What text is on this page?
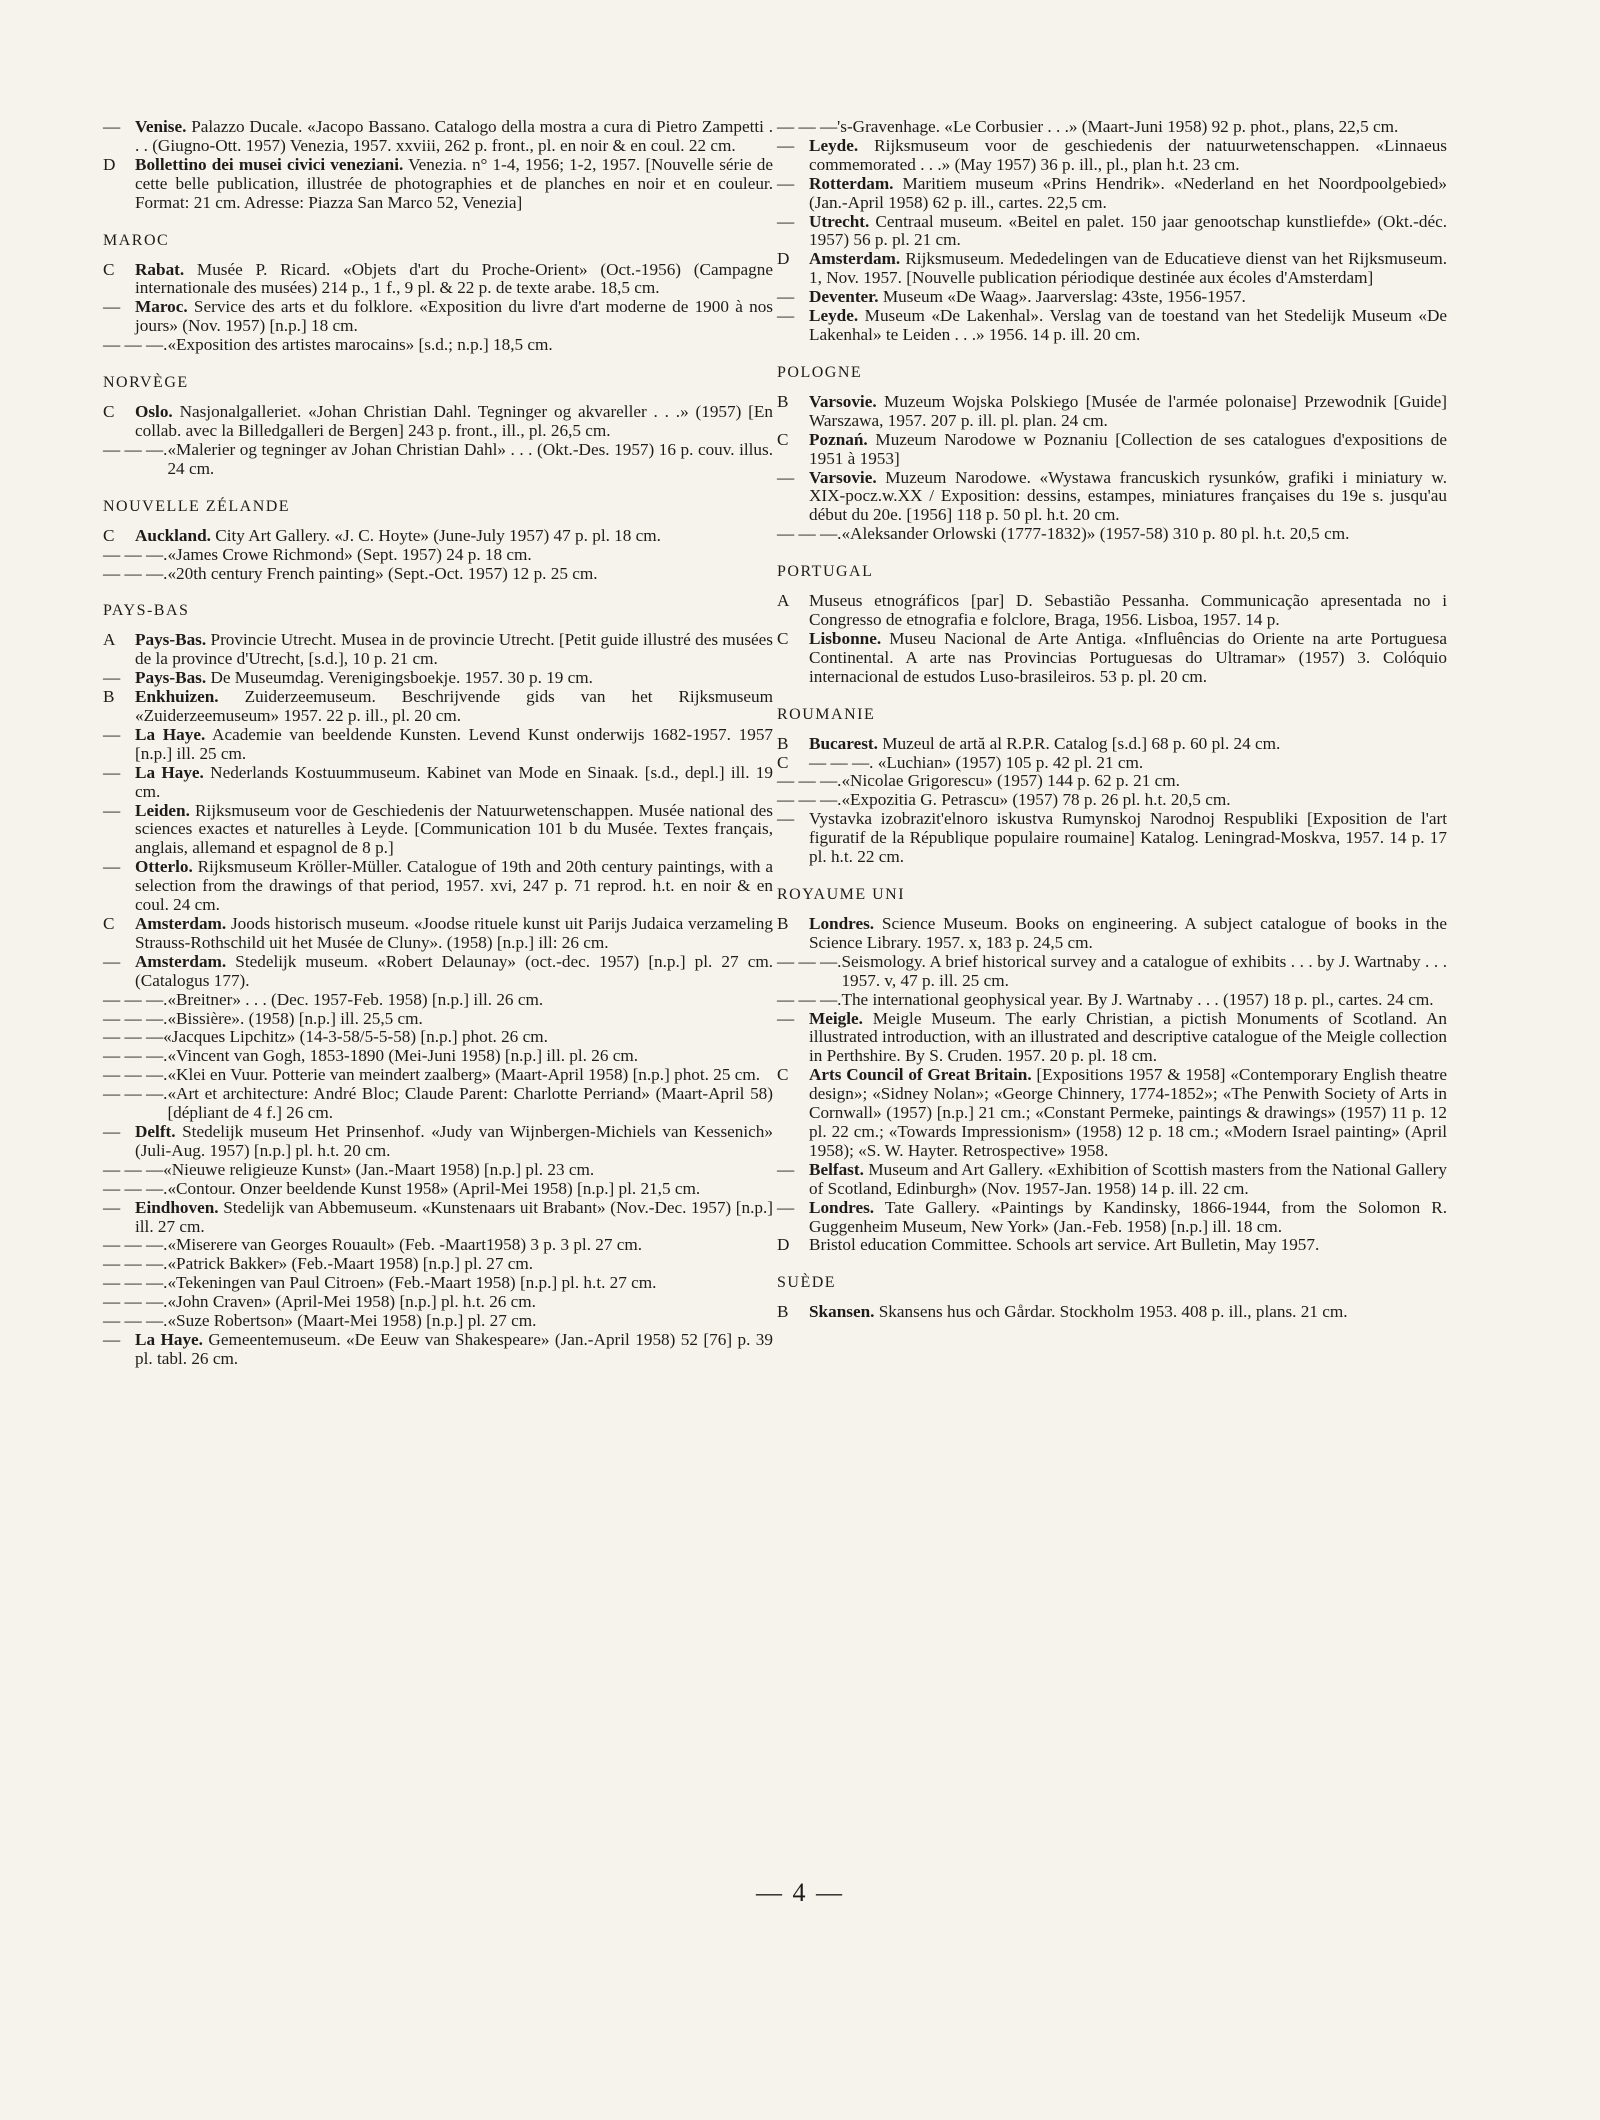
— Venise. Palazzo Ducale. «Jacopo Bassano. Catalogo della mostra a cura di Pietro Zampetti . . . (Giugno-Ott. 1957) Venezia, 1957. xxviii, 262 p. front., pl. en noir & en coul. 22 cm.
D	Bollettino dei musei civici veneziani. Venezia. n° 1-4, 1956; 1-2, 1957. [Nouvelle série de cette belle publication, illustrée de photographies et de planches en noir et en couleur. Format: 21 cm. Adresse: Piazza San Marco 52, Venezia]
MAROC
C	Rabat. Musée P. Ricard. «Objets d'art du Proche-Orient» (Oct.-1956) (Campagne internationale des musées) 214 p., 1 f., 9 pl. & 22 p. de texte arabe. 18,5 cm.
— Maroc. Service des arts et du folklore. «Exposition du livre d'art moderne de 1900 à nos jours» (Nov. 1957) [n.p.] 18 cm.
— — —. «Exposition des artistes marocains» [s.d.; n.p.] 18,5 cm.
NORVÈGE
C	Oslo. Nasjonalgalleriet. «Johan Christian Dahl. Tegninger og akvareller . . .» (1957) [En collab. avec la Billedgalleri de Bergen] 243 p. front., ill., pl. 26,5 cm.
— — —. «Malerier og tegninger av Johan Christian Dahl» . . . (Okt.-Des. 1957) 16 p. couv. illus. 24 cm.
NOUVELLE ZÉLANDE
C	Auckland. City Art Gallery. «J. C. Hoyte» (June-July 1957) 47 p. pl. 18 cm.
— — —. «James Crowe Richmond» (Sept. 1957) 24 p. 18 cm.
— — —. «20th century French painting» (Sept.-Oct. 1957) 12 p. 25 cm.
PAYS-BAS
A	Pays-Bas. Provincie Utrecht. Musea in de provincie Utrecht. [Petit guide illustré des musées de la province d'Utrecht, [s.d.], 10 p. 21 cm.
— Pays-Bas. De Museumdag. Verenigingsboekje. 1957. 30 p. 19 cm.
B	Enkhuizen. Zuiderzeemuseum. Beschrijvende gids van het Rijksmuseum «Zuiderzeemuseum» 1957. 22 p. ill., pl. 20 cm.
— La Haye. Academie van beeldende Kunsten. Levend Kunst onderwijs 1682-1957. 1957 [n.p.] ill. 25 cm.
— La Haye. Nederlands Kostuummuseum. Kabinet van Mode en Sinaak. [s.d., depl.] ill. 19 cm.
— Leiden. Rijksmuseum voor de Geschiedenis der Natuurwetenschappen. Musée national des sciences exactes et naturelles à Leyde. [Communication 101 b du Musée. Textes français, anglais, allemand et espagnol de 8 p.]
— Otterlo. Rijksmuseum Kröller-Müller. Catalogue of 19th and 20th century paintings, with a selection from the drawings of that period, 1957. xvi, 247 p. 71 reprod. h.t. en noir & en coul. 24 cm.
C	Amsterdam. Joods historisch museum. «Joodse rituele kunst uit Parijs Judaica verzameling Strauss-Rothschild uit het Musée de Cluny». (1958) [n.p.] ill: 26 cm.
— Amsterdam. Stedelijk museum. «Robert Delaunay» (oct.-dec. 1957) [n.p.] pl. 27 cm. (Catalogus 177).
— — —. «Breitner» . . . (Dec. 1957-Feb. 1958) [n.p.] ill. 26 cm.
— — —. «Bissière». (1958) [n.p.] ill. 25,5 cm.
— — — «Jacques Lipchitz» (14-3-58/5-5-58) [n.p.] phot. 26 cm.
— — —. «Vincent van Gogh, 1853-1890 (Mei-Juni 1958) [n.p.] ill. pl. 26 cm.
— — —. «Klei en Vuur. Potterie van meindert zaalberg» (Maart-April 1958) [n.p.] phot. 25 cm.
— — —. «Art et architecture: André Bloc; Claude Parent: Charlotte Perriand» (Maart-April 58) [dépliant de 4 f.] 26 cm.
— Delft. Stedelijk museum Het Prinsenhof. «Judy van Wijnbergen-Michiels van Kessenich» (Juli-Aug. 1957) [n.p.] pl. h.t. 20 cm.
— — — «Nieuwe religieuze Kunst» (Jan.-Maart 1958) [n.p.] pl. 23 cm.
— — —. «Contour. Onzer beeldende Kunst 1958» (April-Mei 1958) [n.p.] pl. 21,5 cm.
— Eindhoven. Stedelijk van Abbemuseum. «Kunstenaars uit Brabant» (Nov.-Dec. 1957) [n.p.] ill. 27 cm.
— — —. «Miserere van Georges Rouault» (Feb. -Maart1958) 3 p. 3 pl. 27 cm.
— — —. «Patrick Bakker» (Feb.-Maart 1958) [n.p.] pl. 27 cm.
— — —. «Tekeningen van Paul Citroen» (Feb.-Maart 1958) [n.p.] pl. h.t. 27 cm.
— — —. «John Craven» (April-Mei 1958) [n.p.] pl. h.t. 26 cm.
— — —. «Suze Robertson» (Maart-Mei 1958) [n.p.] pl. 27 cm.
— La Haye. Gemeentemuseum. «De Eeuw van Shakespeare» (Jan.-April 1958) 52 [76] p. 39 pl. tabl. 26 cm.
— — — 's-Gravenhage. «Le Corbusier . . .» (Maart-Juni 1958) 92 p. phot., plans, 22,5 cm.
— Leyde. Rijksmuseum voor de geschiedenis der natuurwetenschappen. «Linnaeus commemorated . . .» (May 1957) 36 p. ill., pl., plan h.t. 23 cm.
— Rotterdam. Maritiem museum «Prins Hendrik». «Nederland en het Noordpoolgebied» (Jan.-April 1958) 62 p. ill., cartes. 22,5 cm.
— Utrecht. Centraal museum. «Beitel en palet. 150 jaar genootschap kunstliefde» (Okt.-déc. 1957) 56 p. pl. 21 cm.
D	Amsterdam. Rijksmuseum. Mededelingen van de Educatieve dienst van het Rijksmuseum. 1, Nov. 1957. [Nouvelle publication périodique destinée aux écoles d'Amsterdam]
— Deventer. Museum «De Waag». Jaarverslag: 43ste, 1956-1957.
— Leyde. Museum «De Lakenhal». Verslag van de toestand van het Stedelijk Museum «De Lakenhal» te Leiden . . .» 1956. 14 p. ill. 20 cm.
POLOGNE
B	Varsovie. Muzeum Wojska Polskiego [Musée de l'armée polonaise] Przewodnik [Guide] Warszawa, 1957. 207 p. ill. pl. plan. 24 cm.
C	Poznań. Muzeum Narodowe w Poznaniu [Collection de ses catalogues d'expositions de 1951 à 1953]
— Varsovie. Muzeum Narodowe. «Wystawa francuskich rysunków, grafiki i miniatury w. XIX-pocz.w.XX / Exposition: dessins, estampes, miniatures françaises du 19e s. jusqu'au début du 20e. [1956] 118 p. 50 pl. h.t. 20 cm.
— — —. «Aleksander Orlowski (1777-1832)» (1957-58) 310 p. 80 pl. h.t. 20,5 cm.
PORTUGAL
A	Museus etnográficos [par] D. Sebastião Pessanha. Communicação apresentada no i Congresso de etnografia e folclore, Braga, 1956. Lisboa, 1957. 14 p.
C	Lisbonne. Museu Nacional de Arte Antiga. «Influências do Oriente na arte Portuguesa Continental. A arte nas Provincias Portuguesas do Ultramar» (1957) 3. Colóquio internacional de estudos Luso-brasileiros. 53 p. pl. 20 cm.
ROUMANIE
B	Bucarest. Muzeul de artă al R.P.R. Catalog [s.d.] 68 p. 60 pl. 24 cm.
C	— — —. «Luchian» (1957) 105 p. 42 pl. 21 cm.
— — —. «Nicolae Grigorescu» (1957) 144 p. 62 p. 21 cm.
— — —. «Expozitia G. Petrascu» (1957) 78 p. 26 pl. h.t. 20,5 cm.
— Vystavka izobrazit'elnoro iskustva Rumynskoj Narodnoj Respubliki [Exposition de l'art figuratif de la République populaire roumaine] Katalog. Leningrad-Moskva, 1957. 14 p. 17 pl. h.t. 22 cm.
ROYAUME UNI
B	Londres. Science Museum. Books on engineering. A subject catalogue of books in the Science Library. 1957. x, 183 p. 24,5 cm.
— — —. Seismology. A brief historical survey and a catalogue of exhibits . . . by J. Wartnaby . . . 1957. v, 47 p. ill. 25 cm.
— — —. The international geophysical year. By J. Wartnaby . . . (1957) 18 p. pl., cartes. 24 cm.
— Meigle. Meigle Museum. The early Christian, a pictish Monuments of Scotland. An illustrated introduction, with an illustrated and descriptive catalogue of the Meigle collection in Perthshire. By S. Cruden. 1957. 20 p. pl. 18 cm.
C	Arts Council of Great Britain. [Expositions 1957 & 1958] «Contemporary English theatre design»; «Sidney Nolan»; «George Chinnery, 1774-1852»; «The Penwith Society of Arts in Cornwall» (1957) [n.p.] 21 cm.; «Constant Permeke, paintings & drawings» (1957) 11 p. 12 pl. 22 cm.; «Towards Impressionism» (1958) 12 p. 18 cm.; «Modern Israel painting» (April 1958); «S. W. Hayter. Retrospective» 1958.
— Belfast. Museum and Art Gallery. «Exhibition of Scottish masters from the National Gallery of Scotland, Edinburgh» (Nov. 1957-Jan. 1958) 14 p. ill. 22 cm.
— Londres. Tate Gallery. «Paintings by Kandinsky, 1866-1944, from the Solomon R. Guggenheim Museum, New York» (Jan.-Feb. 1958) [n.p.] ill. 18 cm.
D	Bristol education Committee. Schools art service. Art Bulletin, May 1957.
SUÈDE
B	Skansen. Skansens hus och Gårdar. Stockholm 1953. 408 p. ill., plans. 21 cm.
— 4 —
